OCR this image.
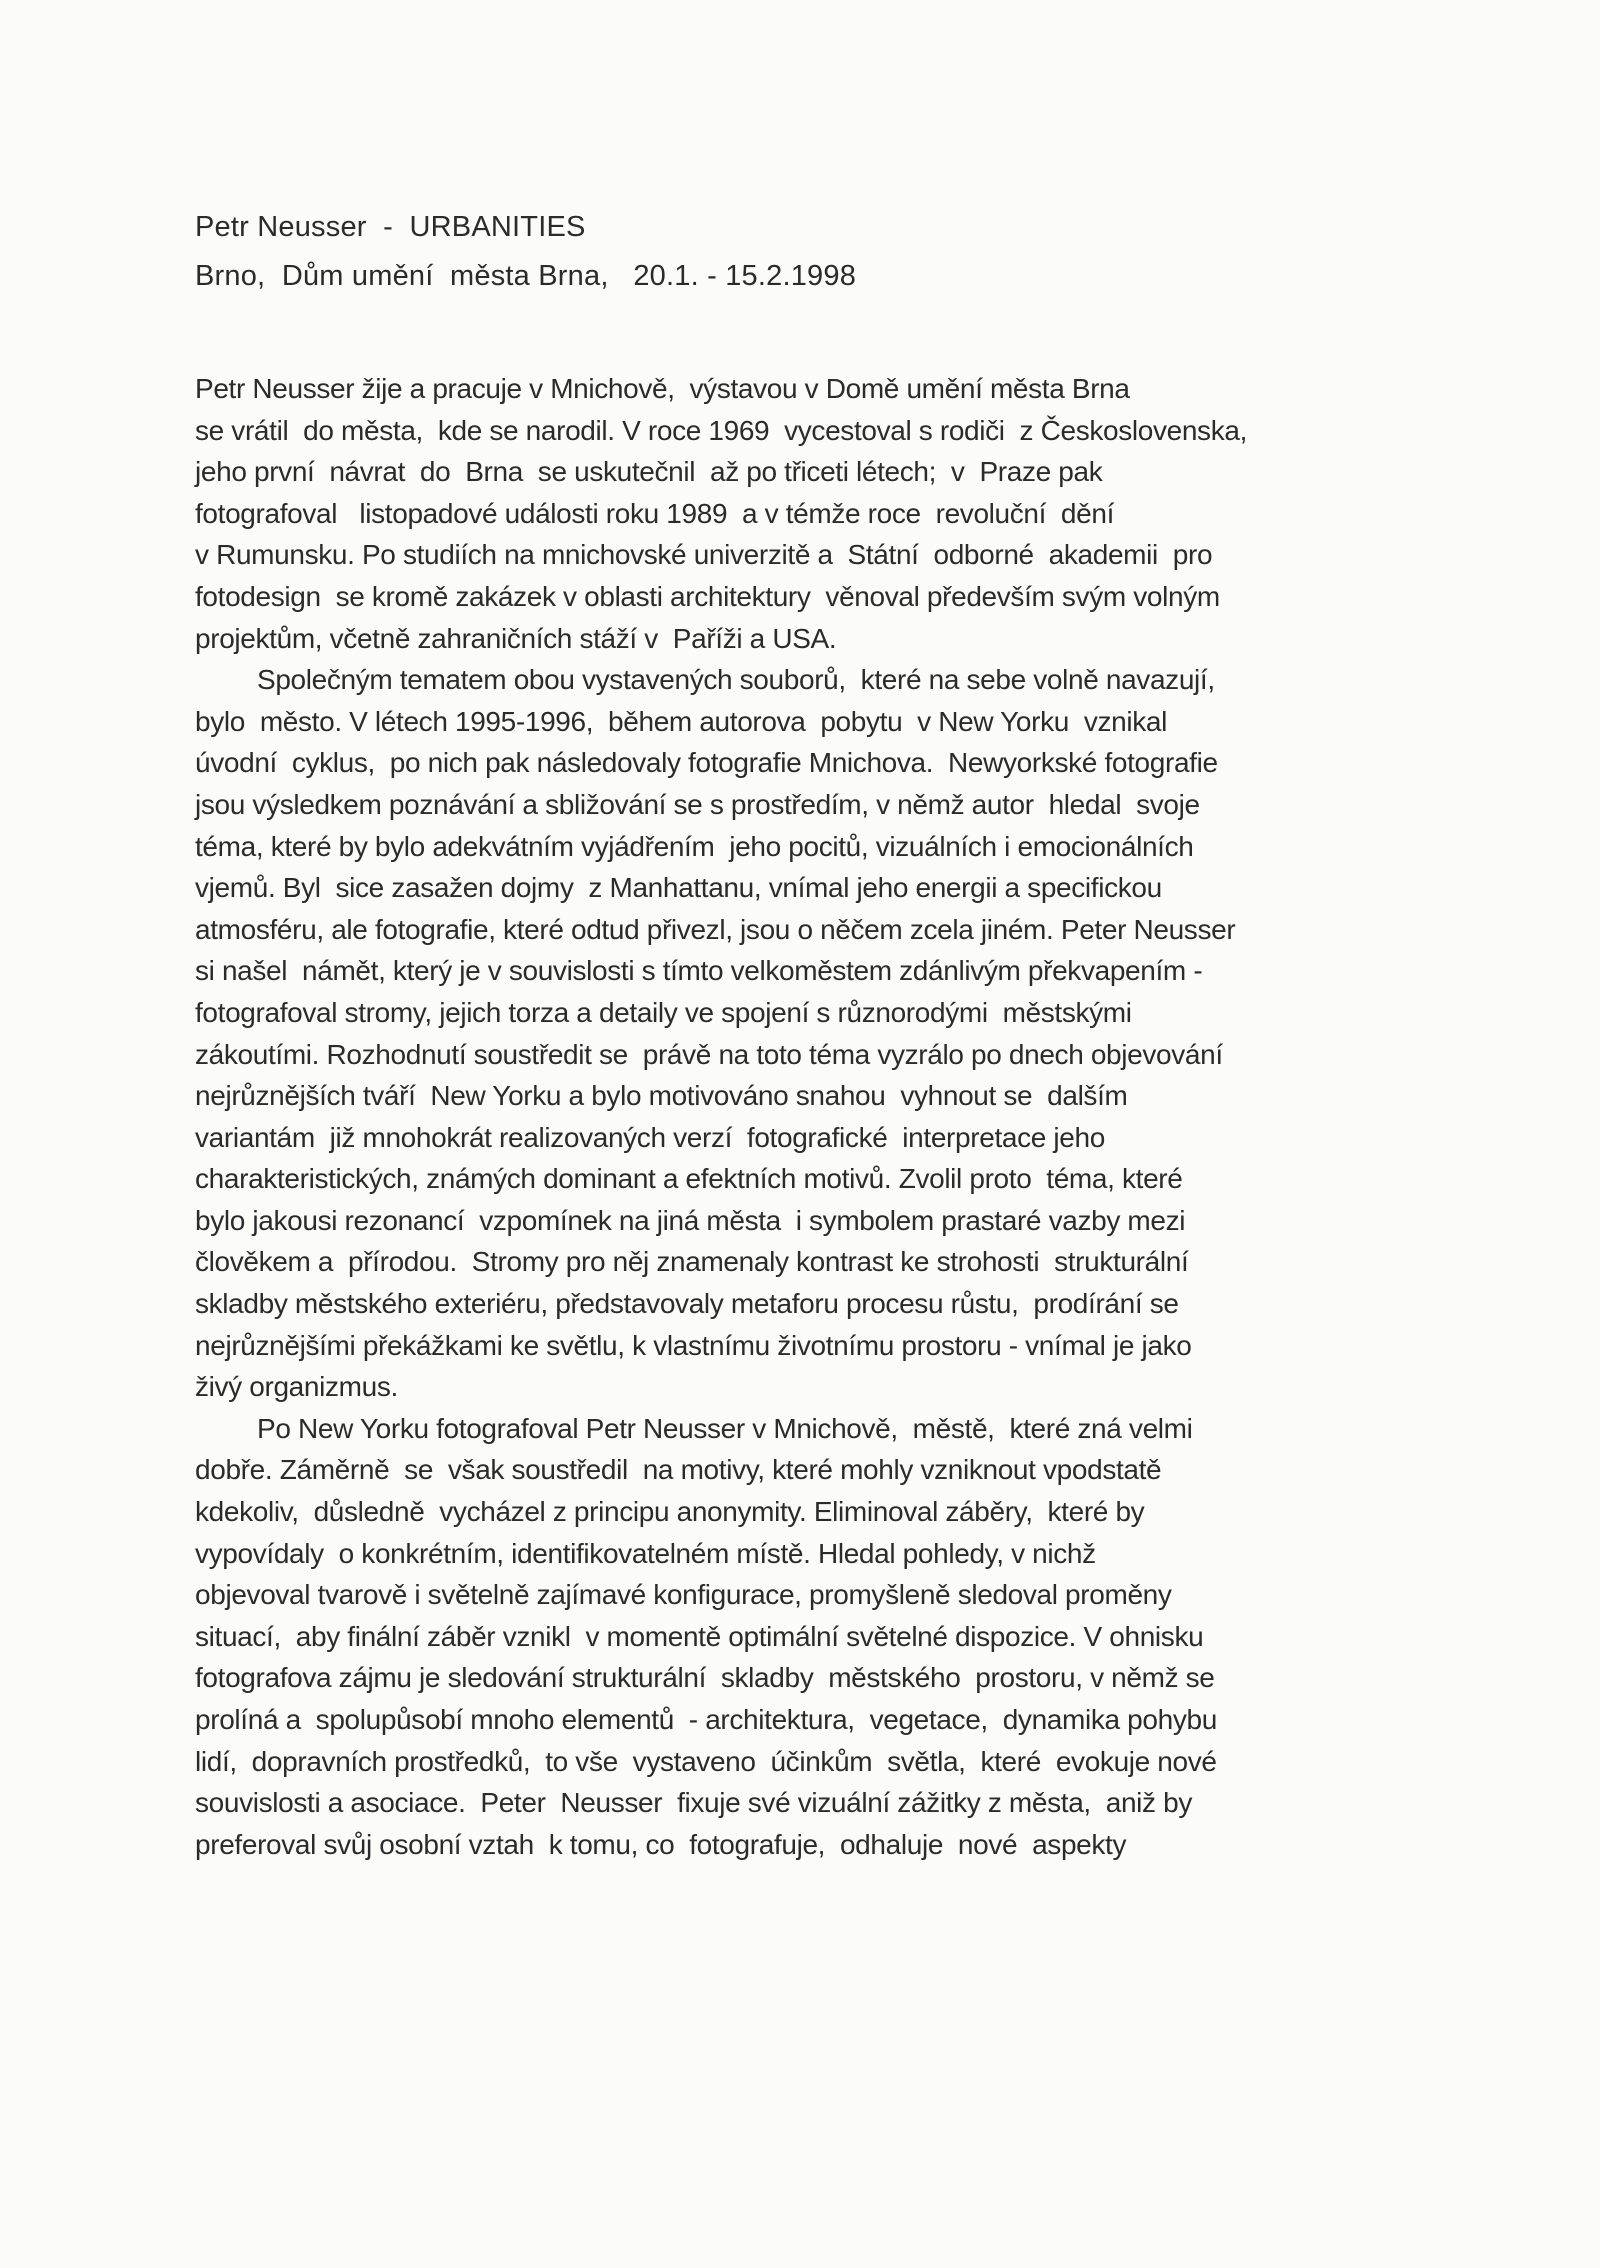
Petr Neusser  -  URBANITIES
Brno,  Dům umění  města Brna,   20.1. - 15.2.1998
Petr Neusser žije a pracuje v Mnichově,  výstavou v Domě umění města Brna
se vrátil  do města,  kde se narodil. V roce 1969  vycestoval s rodiči  z Československa,
jeho první  návrat  do  Brna  se uskutečnil  až po třiceti létech;  v  Praze pak
fotografoval   listopadové události roku 1989  a v témže roce  revoluční  dění
v Rumunsku. Po studiích na mnichovské univerzitě a  Státní  odborné  akademii  pro
fotodesign  se kromě zakázek v oblasti architektury  věnoval především svým volným
projektům, včetně zahraničních stáží v  Paříži a USA.
Společným tematem obou vystavených souborů,  které na sebe volně navazují,
bylo  město. V létech 1995-1996,  během autorova  pobytu  v New Yorku  vznikal
úvodní  cyklus,  po nich pak následovaly fotografie Mnichova.  Newyorkské fotografie
jsou výsledkem poznávání a sbližování se s prostředím, v němž autor  hledal  svoje
téma, které by bylo adekvátním vyjádřením  jeho pocitů, vizuálních i emocionálních
vjemů. Byl  sice zasažen dojmy  z Manhattanu, vnímal jeho energii a specifickou
atmosféru, ale fotografie, které odtud přivezl, jsou o něčem zcela jiném. Peter Neusser
si našel  námět, který je v souvislosti s tímto velkoměstem zdánlivým překvapením -
fotografoval stromy, jejich torza a detaily ve spojení s různorodými  městskými
zákoutími. Rozhodnutí soustředit se  právě na toto téma vyzrálo po dnech objevování
nejrůznějších tváří  New Yorku a bylo motivováno snahou  vyhnout se  dalším
variantám  již mnohokrát realizovaných verzí  fotografické  interpretace jeho
charakteristických, známých dominant a efektních motivů. Zvolil proto  téma, které
bylo jakousi rezonancí  vzpomínek na jiná města  i symbolem prastaré vazby mezi
člověkem a  přírodou.  Stromy pro něj znamenaly kontrast ke strohosti  strukturální
skladby městského exteriéru, představovaly metaforu procesu růstu,  prodírání se
nejrůznějšími překážkami ke světlu, k vlastnímu životnímu prostoru - vnímal je jako
živý organizmus.
Po New Yorku fotografoval Petr Neusser v Mnichově,  městě,  které zná velmi
dobře. Záměrně  se  však soustředil  na motivy, které mohly vzniknout vpodstatě
kdekoliv,  důsledně  vycházel z principu anonymity. Eliminoval záběry,  které by
vypovídaly  o konkrétním, identifikovatelném místě. Hledal pohledy, v nichž
objevoval tvarově i světelně zajímavé konfigurace, promyšleně sledoval proměny
situací,  aby finální záběr vznikl  v momentě optimální světelné dispozice. V ohnisku
fotografova zájmu je sledování strukturální  skladby  městského  prostoru, v němž se
prolíná a  spolupůsobí mnoho elementů  - architektura,  vegetace,  dynamika pohybu
lidí,  dopravních prostředků,  to vše  vystaveno  účinkům  světla,  které  evokuje nové
souvislosti a asociace.  Peter  Neusser  fixuje své vizuální zážitky z města,  aniž by
preferoval svůj osobní vztah  k tomu, co  fotografuje,  odhaluje  nové  aspekty
